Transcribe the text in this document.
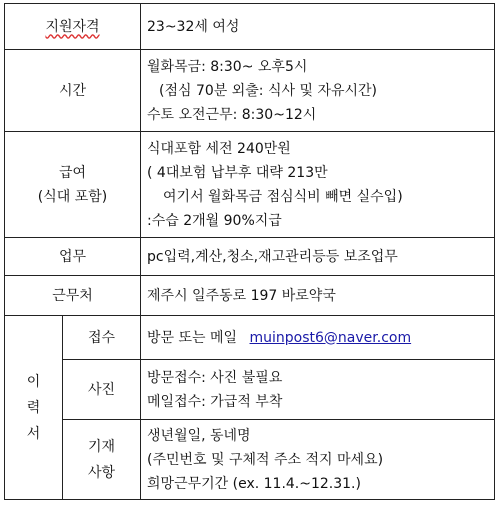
지원자격		23~32세 여성
시간		월화목금: 8:30~ 오후5시
(점심 70분 외출: 식사 및 자유시간)
수토 오전근무: 8:30~12시

급여
(식대 포함)		식대포함 세전 240만원
( 4대보험 납부후 대략 213만
여기서 월화목금 점심식비 빼면 실수입)
:수습 2개월 90%지급

업무		pc입력,계산,청소,재고관리등등 보조업무
근무처		제주시 일주동로 197 바로약국

이
력
서	접수	방문 또는 메일 muinpost6@naver.com
	사진	방문접수: 사진 불필요
메일접수: 가급적 부착

	기재
사항	생년월일, 동네명
(주민번호 및 구체적 주소 적지 마세요)
희망근무기간 (ex. 11.4.~12.31.)
